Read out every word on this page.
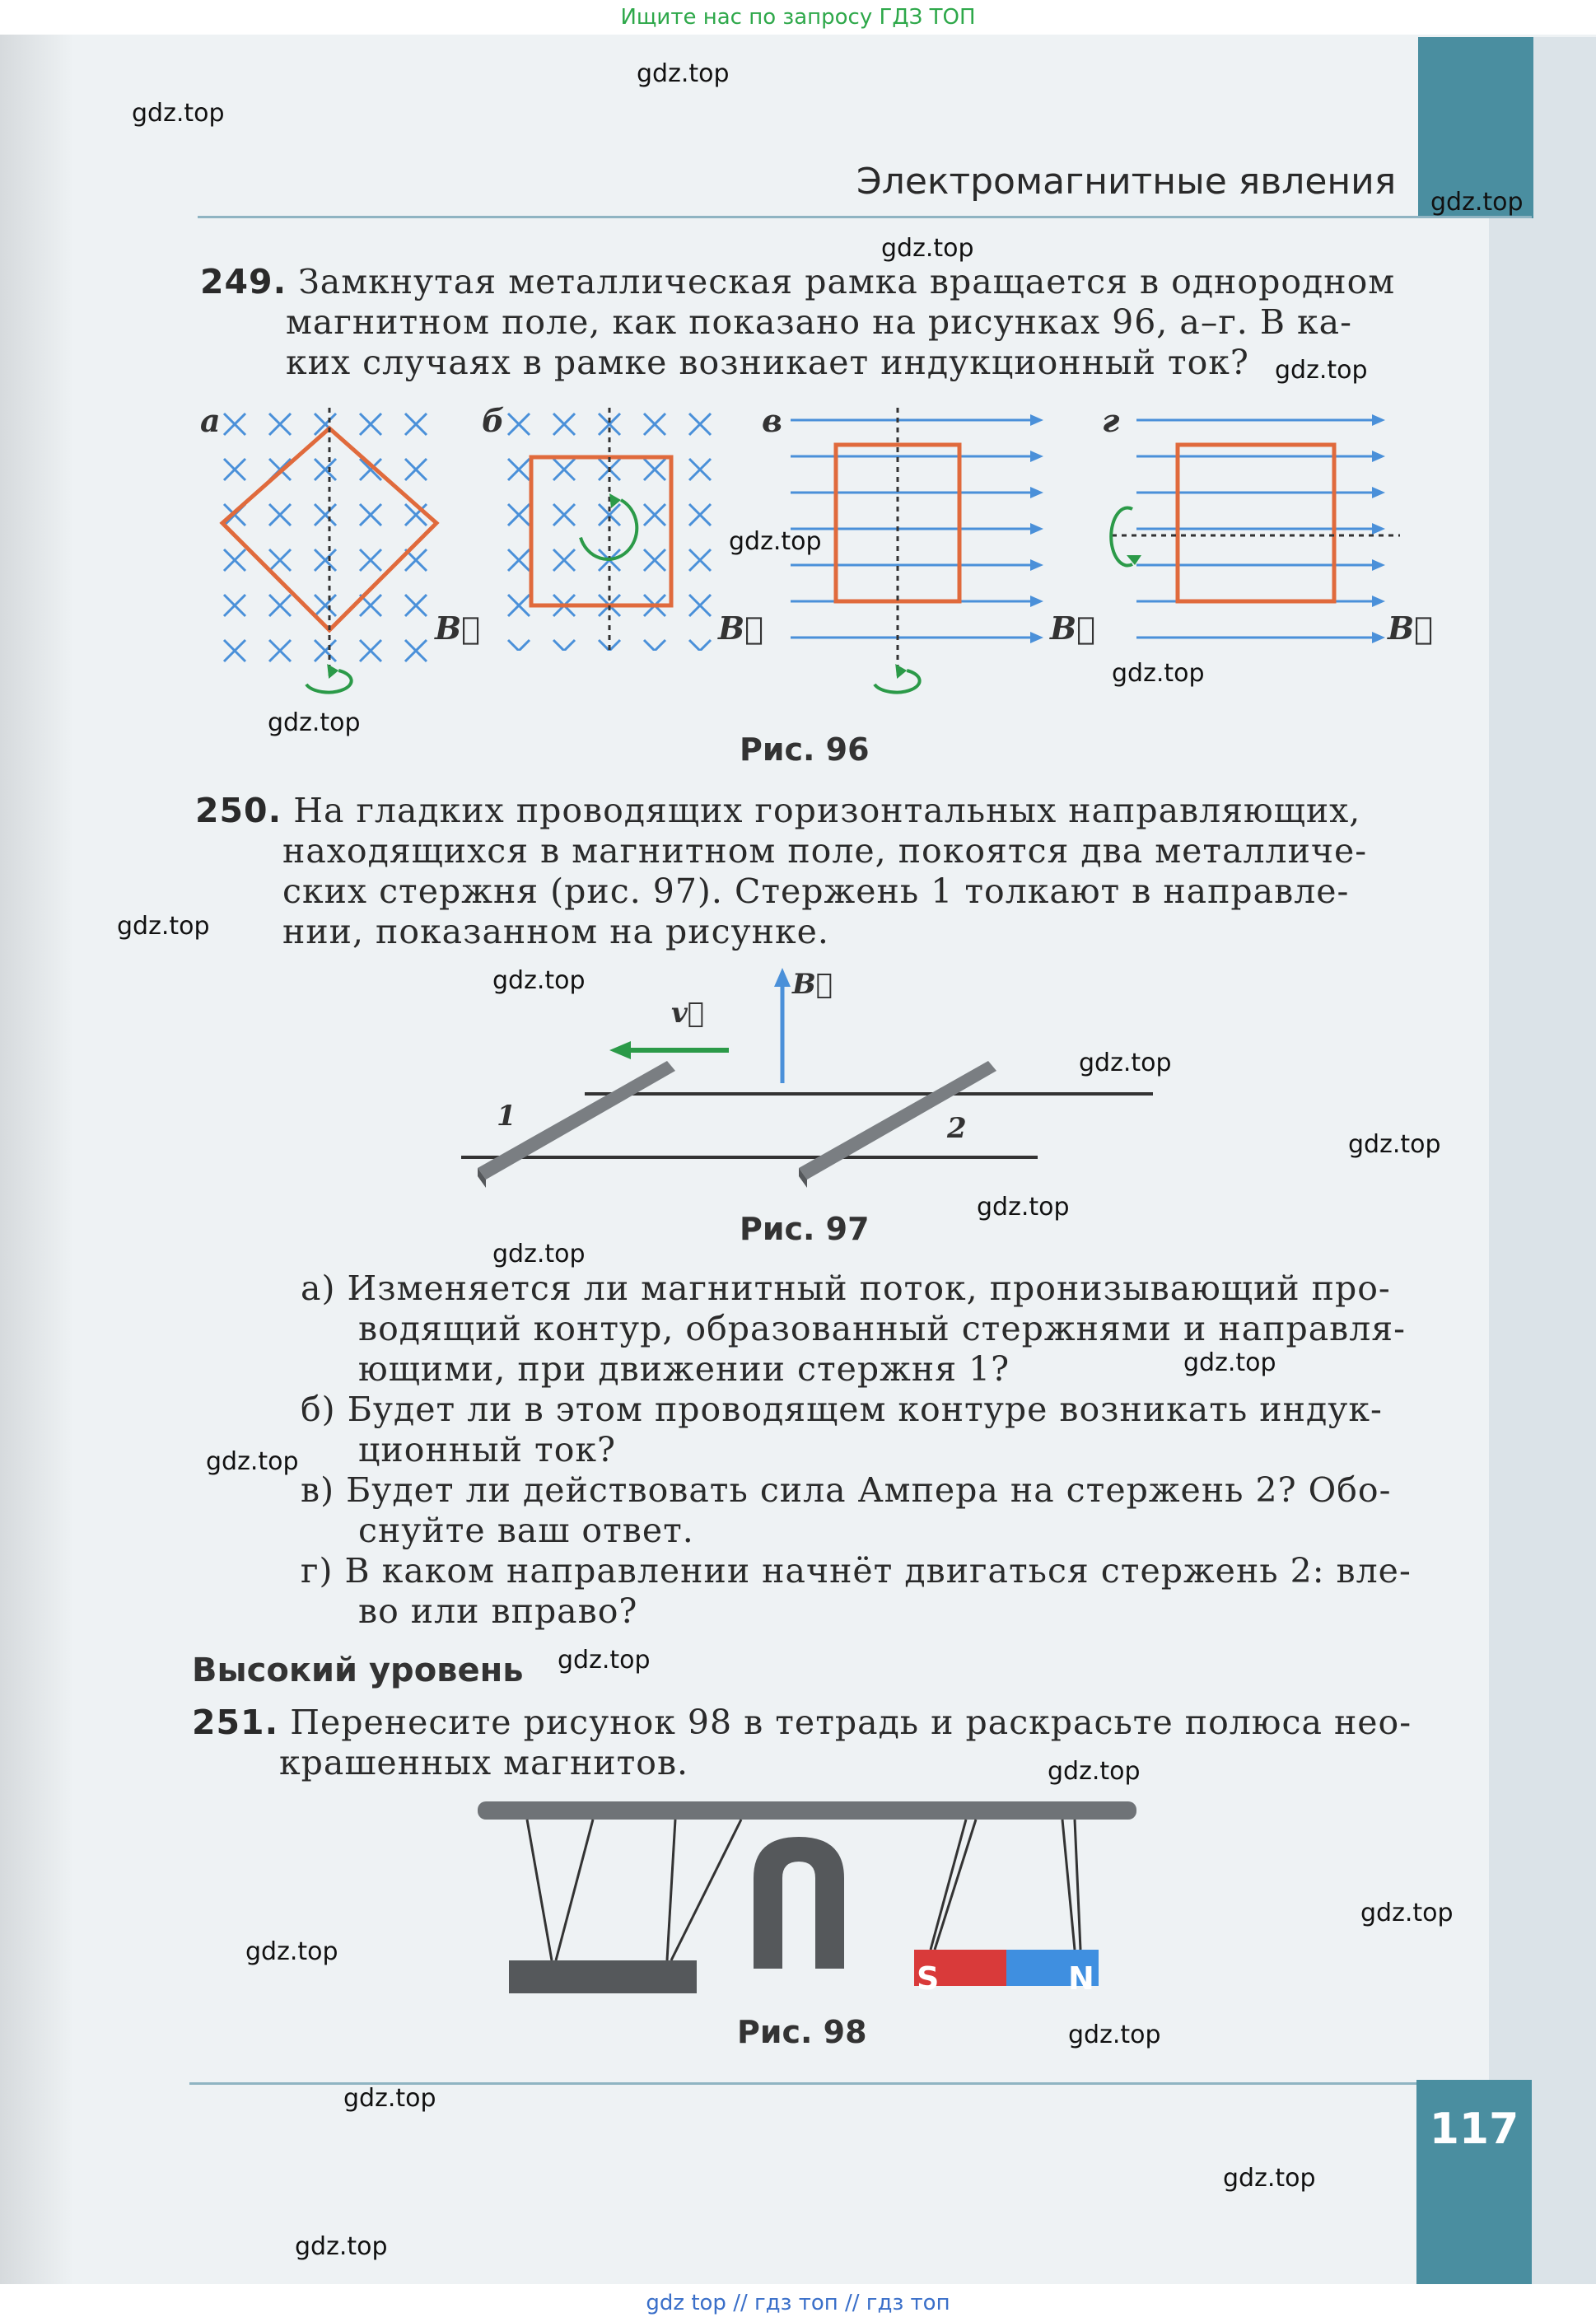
Ищите нас по запросу ГДЗ ТОП
Электромагнитные явления
249. Замкнутая металлическая рамка вращается в однородном
магнитном поле, как показано на рисунках 96, а–г. В ка-
ких случаях в рамке возникает индукционный ток?
а	б	в	г
B⃗	B⃗	B⃗	B⃗
Рис. 96
250. На гладких проводящих горизонтальных направляющих,
находящихся в магнитном поле, покоятся два металличе-
ских стержня (рис. 97). Стержень 1 толкают в направле-
нии, показанном на рисунке.
v⃗
B⃗
1	2
Рис. 97
а) Изменяется ли магнитный поток, пронизывающий про-
водящий контур, образованный стержнями и направля-
ющими, при движении стержня 1?
б) Будет ли в этом проводящем контуре возникать индук-
ционный ток?
в) Будет ли действовать сила Ампера на стержень 2? Обо-
снуйте ваш ответ.
г) В каком направлении начнёт двигаться стержень 2: вле-
во или вправо?
Высокий уровень
251. Перенесите рисунок 98 в тетрадь и раскрасьте полюса нео-
крашенных магнитов.
S	N
Рис. 98
117
gdz.top
gdz.top
gdz.top
gdz.top
gdz.top
gdz.top
gdz.top
gdz.top
gdz.top
gdz.top
gdz.top
gdz.top
gdz.top
gdz.top
gdz.top
gdz.top
gdz.top
gdz.top
gdz.top
gdz.top
gdz.top
gdz.top
gdz.top
gdz.top
gdz top // гдз топ // гдз топ
